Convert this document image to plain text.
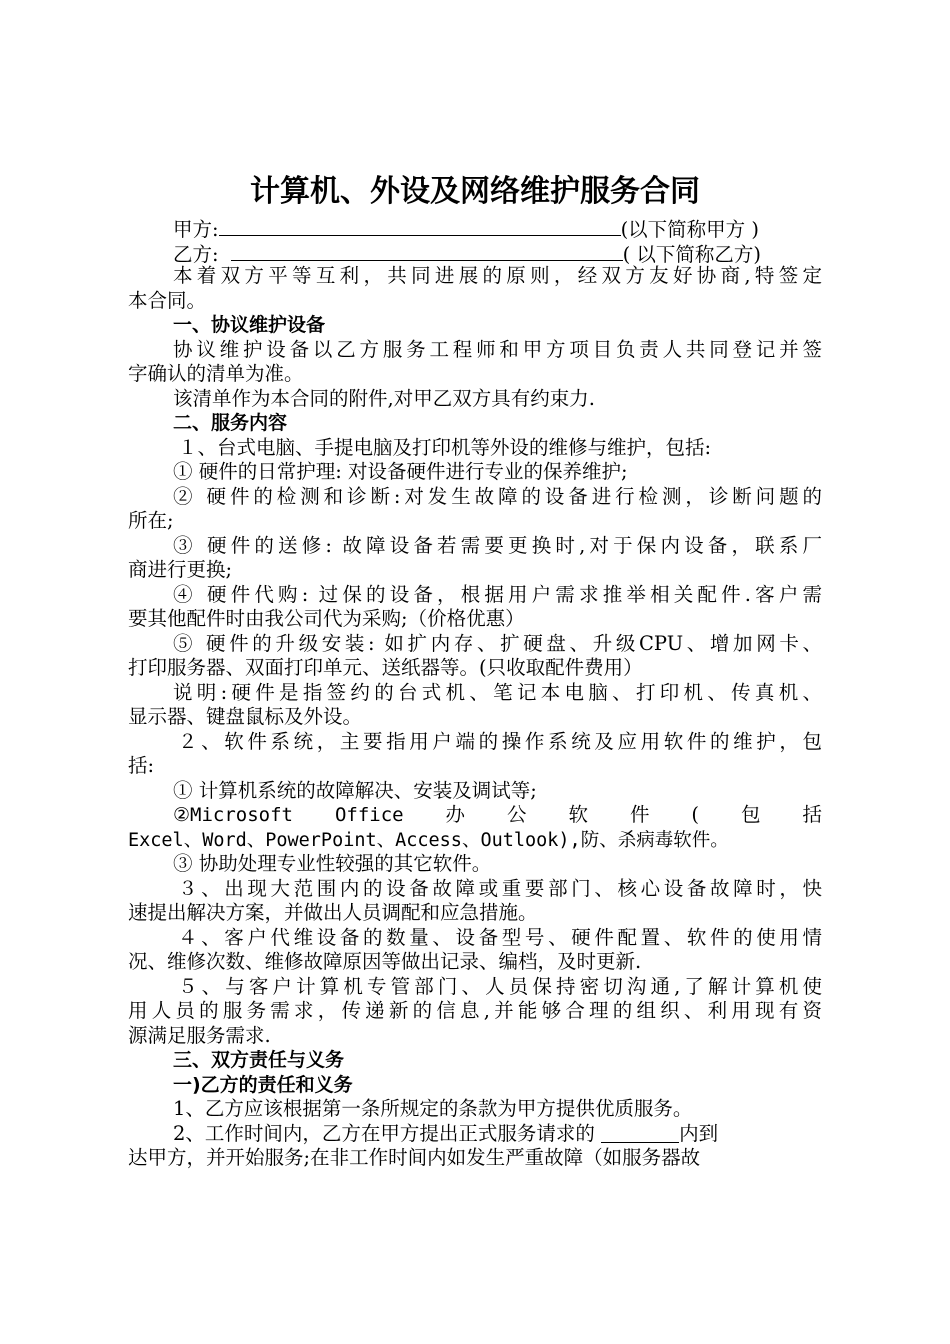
计算机、外设及网络维护服务合同
甲方:	(以下简称甲方 )
乙方:	( 以下简称乙方)
本着双方平等互利，共同进展的原则，经双方友好协商,特签定
本合同。
一、协议维护设备
协议维护设备以乙方服务工程师和甲方项目负责人共同登记并签
字确认的清单为准。
该清单作为本合同的附件,对甲乙双方具有约束力.
二、服务内容
１、台式电脑、手提电脑及打印机等外设的维修与维护，包括:
① 硬件的日常护理: 对设备硬件进行专业的保养维护;
② 硬件的检测和诊断:对发生故障的设备进行检测，诊断问题的
所在;
③ 硬件的送修: 故障设备若需要更换时,对于保内设备，联系厂
商进行更换;
④ 硬件代购: 过保的设备，根据用户需求推举相关配件.客户需
要其他配件时由我公司代为采购;（价格优惠）
⑤ 硬件的升级安装: 如扩内存、扩硬盘、升级CPU、增加网卡、
打印服务器、双面打印单元、送纸器等。(只收取配件费用）
说明:硬件是指签约的台式机、笔记本电脑、打印机、传真机、
显示器、键盘鼠标及外设。
２、软件系统，主要指用户端的操作系统及应用软件的维护，包
括:
① 计算机系统的故障解决、安装及调试等;
②Microsoft Office 办 公 软 件 ( 包 括
Excel、Word、PowerPoint、Access、Outlook),防、杀病毒软件。
③ 协助处理专业性较强的其它软件。
３、出现大范围内的设备故障或重要部门、核心设备故障时，快
速提出解决方案，并做出人员调配和应急措施。
４、客户代维设备的数量、设备型号、硬件配置、软件的使用情
况、维修次数、维修故障原因等做出记录、编档，及时更新.
５、与客户计算机专管部门、人员保持密切沟通,了解计算机使
用人员的服务需求，传递新的信息,并能够合理的组织、利用现有资
源满足服务需求.
三、双方责任与义务
一)乙方的责任和义务
1、乙方应该根据第一条所规定的条款为甲方提供优质服务。
2、工作时间内，乙方在甲方提出正式服务请求的	内到
达甲方，并开始服务;在非工作时间内如发生严重故障（如服务器故
